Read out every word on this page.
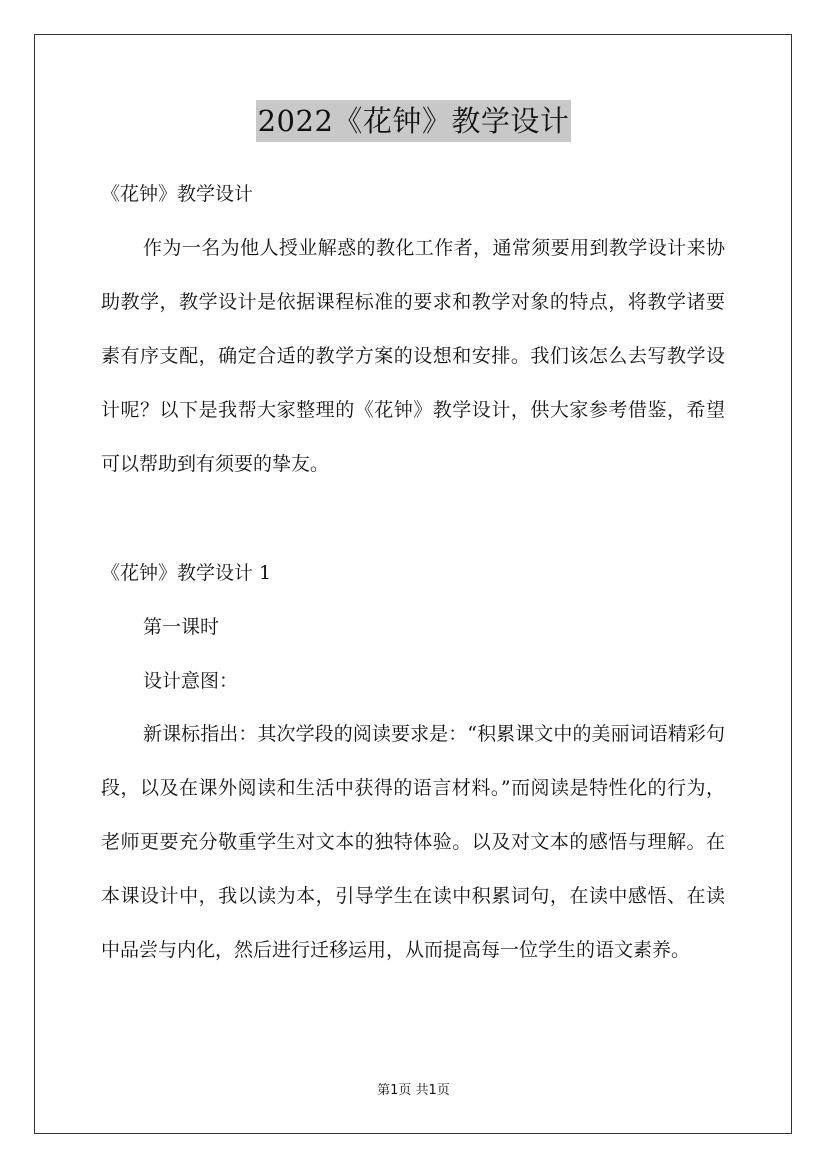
2022《花钟》教学设计
《花钟》教学设计

作为一名为他人授业解惑的教化工作者，通常须要用到教学设计来协助教学，教学设计是依据课程标准的要求和教学对象的特点，将教学诸要素有序支配，确定合适的教学方案的设想和安排。我们该怎么去写教学设计呢？以下是我帮大家整理的《花钟》教学设计，供大家参考借鉴，希望可以帮助到有须要的挚友。

《花钟》教学设计 1
第一课时
设计意图：

新课标指出：其次学段的阅读要求是：“积累课文中的美丽词语精彩句段，以及在课外阅读和生活中获得的语言材料。”而阅读是特性化的行为，老师更要充分敬重学生对文本的独特体验。以及对文本的感悟与理解。在本课设计中，我以读为本，引导学生在读中积累词句，在读中感悟、在读中品尝与内化，然后进行迁移运用，从而提高每一位学生的语文素养。

第1页 共1页
